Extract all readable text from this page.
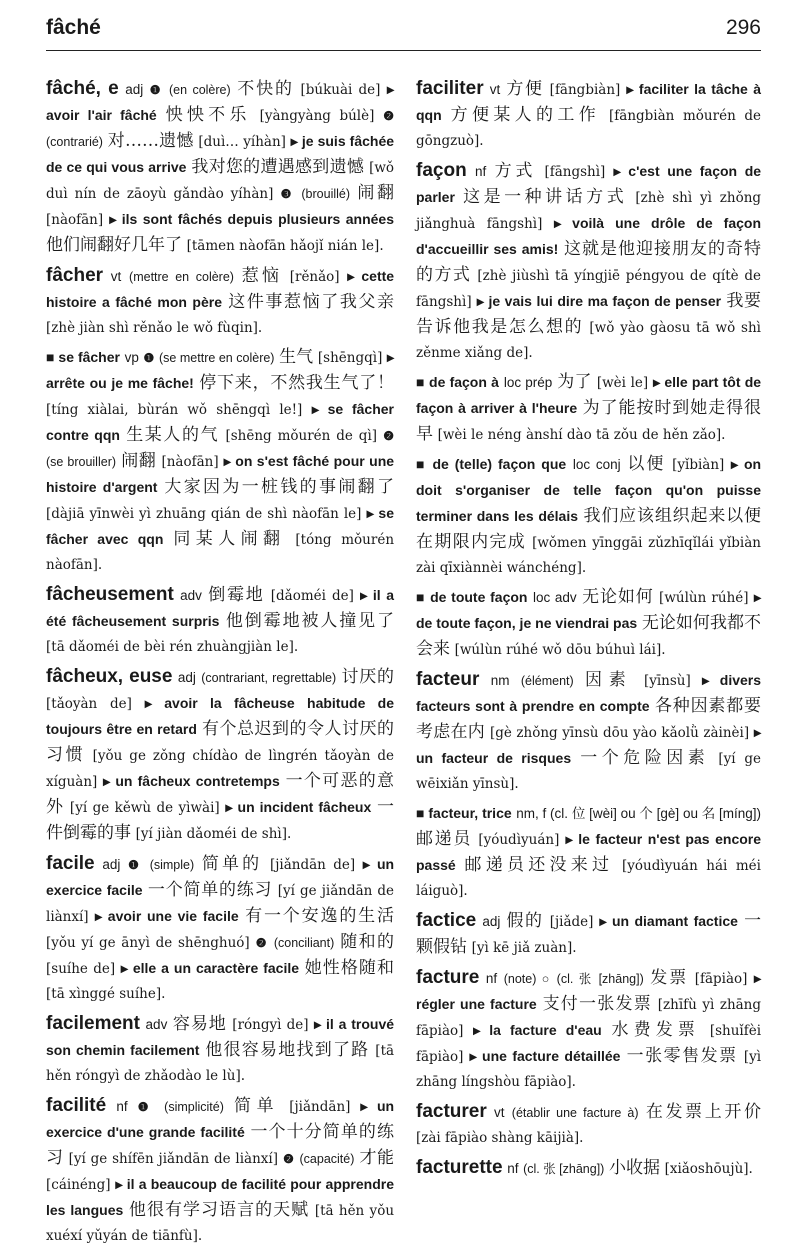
fâché	296
fâché, e adj ❶ (en colère) 不快的 [búkuài de] ▸ avoir l'air fâché 怏怏不乐 [yàngyàng búlè] ❷ (contrarié) 对……遗憾 [duì… yíhàn] ▸ je suis fâchée de ce qui vous arrive 我对您的遭遇感到遗憾 [wǒ duì nín de zāoyù gǎndào yíhàn] ❸ (brouillé) 闹翻 [nàofān] ▸ ils sont fâchés depuis plusieurs années 他们闹翻好几年了 [tāmen nàofān hǎojǐ nián le].
fâcher vt (mettre en colère) 惹恼 [rěnǎo] ▸ cette histoire a fâché mon père 这件事惹恼了我父亲 [zhè jiàn shì rěnǎo le wǒ fùqin].
■ se fâcher vp ❶ (se mettre en colère) 生气 [shēngqì] ▸ arrête ou je me fâche! 停下来，不然我生气了！ [tíng xiàlai, bùrán wǒ shēngqì le!] ▸ se fâcher contre qqn 生某人的气 [shēng mǒurén de qì] ❷ (se brouiller) 闹翻 [nàofān] ▸ on s'est fâché pour une histoire d'argent 大家因为一桩钱的事闹翻了 [dàjiā yīnwèi yì zhuāng qián de shì nàofān le] ▸ se fâcher avec qqn 同某人闹翻 [tóng mǒurén nàofān].
fâcheusement adv 倒霉地 [dǎoméi de] ▸ il a été fâcheusement surpris 他倒霉地被人撞见了 [tā dǎoméi de bèi rén zhuàngjiàn le].
fâcheux, euse adj (contrariant, regrettable) 讨厌的 [tǎoyàn de] ▸ avoir la fâcheuse habitude de toujours être en retard 有个总迟到的令人讨厌的习惯 [yǒu ge zǒng chídào de lìngrén tǎoyàn de xíguàn] ▸ un fâcheux contretemps 一个可恶的意外 [yí ge kěwù de yìwài] ▸ un incident fâcheux 一件倒霉的事 [yí jiàn dǎoméi de shì].
facile adj ❶ (simple) 简单的 [jiǎndān de] ▸ un exercice facile 一个简单的练习 [yí ge jiǎndān de liànxí] ▸ avoir une vie facile 有一个安逸的生活 [yǒu yí ge ānyì de shēnghuó] ❷ (conciliant) 随和的 [suíhe de] ▸ elle a un caractère facile 她性格随和 [tā xìnggé suíhe].
facilement adv 容易地 [róngyì de] ▸ il a trouvé son chemin facilement 他很容易地找到了路 [tā hěn róngyì de zhǎodào le lù].
facilité nf ❶ (simplicité) 简单 [jiǎndān] ▸ un exercice d'une grande facilité 一个十分简单的练习 [yí ge shífēn jiǎndān de liànxí] ❷ (capacité) 才能 [cáinéng] ▸ il a beaucoup de facilité pour apprendre les langues 他很有学习语言的天赋 [tā hěn yǒu xuéxí yǔyán de tiānfù].
faciliter vt 方便 [fāngbiàn] ▸ faciliter la tâche à qqn 方便某人的工作 [fāngbiàn mǒurén de gōngzuò].
façon nf 方式 [fāngshì] ▸ c'est une façon de parler 这是一种讲话方式 [zhè shì yì zhǒng jiǎnghuà fāngshì] ▸ voilà une drôle de façon d'accueillir ses amis! 这就是他迎接朋友的奇特的方式 [zhè jiùshì tā yíngjiē péngyou de qítè de fāngshì] ▸ je vais lui dire ma façon de penser 我要告诉他我是怎么想的 [wǒ yào gàosu tā wǒ shì zěnme xiǎng de].
■ de façon à loc prép 为了 [wèi le] ▸ elle part tôt de façon à arriver à l'heure 为了能按时到她走得很早 [wèi le néng ànshí dào tā zǒu de hěn zǎo].
■ de (telle) façon que loc conj 以便 [yǐbiàn] ▸ on doit s'organiser de telle façon qu'on puisse terminer dans les délais 我们应该组织起来以便在期限内完成 [wǒmen yīnggāi zǔzhīqǐlái yǐbiàn zài qīxiànnèi wánchéng].
■ de toute façon loc adv 无论如何 [wúlùn rúhé] ▸ de toute façon, je ne viendrai pas 无论如何我都不会来 [wúlùn rúhé wǒ dōu búhuì lái].
facteur nm (élément) 因素 [yīnsù] ▸ divers facteurs sont à prendre en compte 各种因素都要考虑在内 [gè zhǒng yīnsù dōu yào kǎolǜ zàinèi] ▸ un facteur de risques 一个危险因素 [yí ge wēixiǎn yīnsù].
■ facteur, trice nm, f (cl. 位 [wèi] ou 个 [gè] ou 名 [míng]) 邮递员 [yóudìyuán] ▸ le facteur n'est pas encore passé 邮递员还没来过 [yóudìyuán hái méi láiguò].
factice adj 假的 [jiǎde] ▸ un diamant factice 一颗假钻 [yì kē jiǎ zuàn].
facture nf (note) ○ (cl. 张 [zhāng]) 发票 [fāpiào] ▸ régler une facture 支付一张发票 [zhīfù yì zhāng fāpiào] ▸ la facture d'eau 水费发票 [shuǐfèi fāpiào] ▸ une facture détaillée 一张零售发票 [yì zhāng língshòu fāpiào].
facturer vt (établir une facture à) 在发票上开价 [zài fāpiào shàng kāijià].
facturette nf (cl. 张 [zhāng]) 小收据 [xiǎoshōujù].
